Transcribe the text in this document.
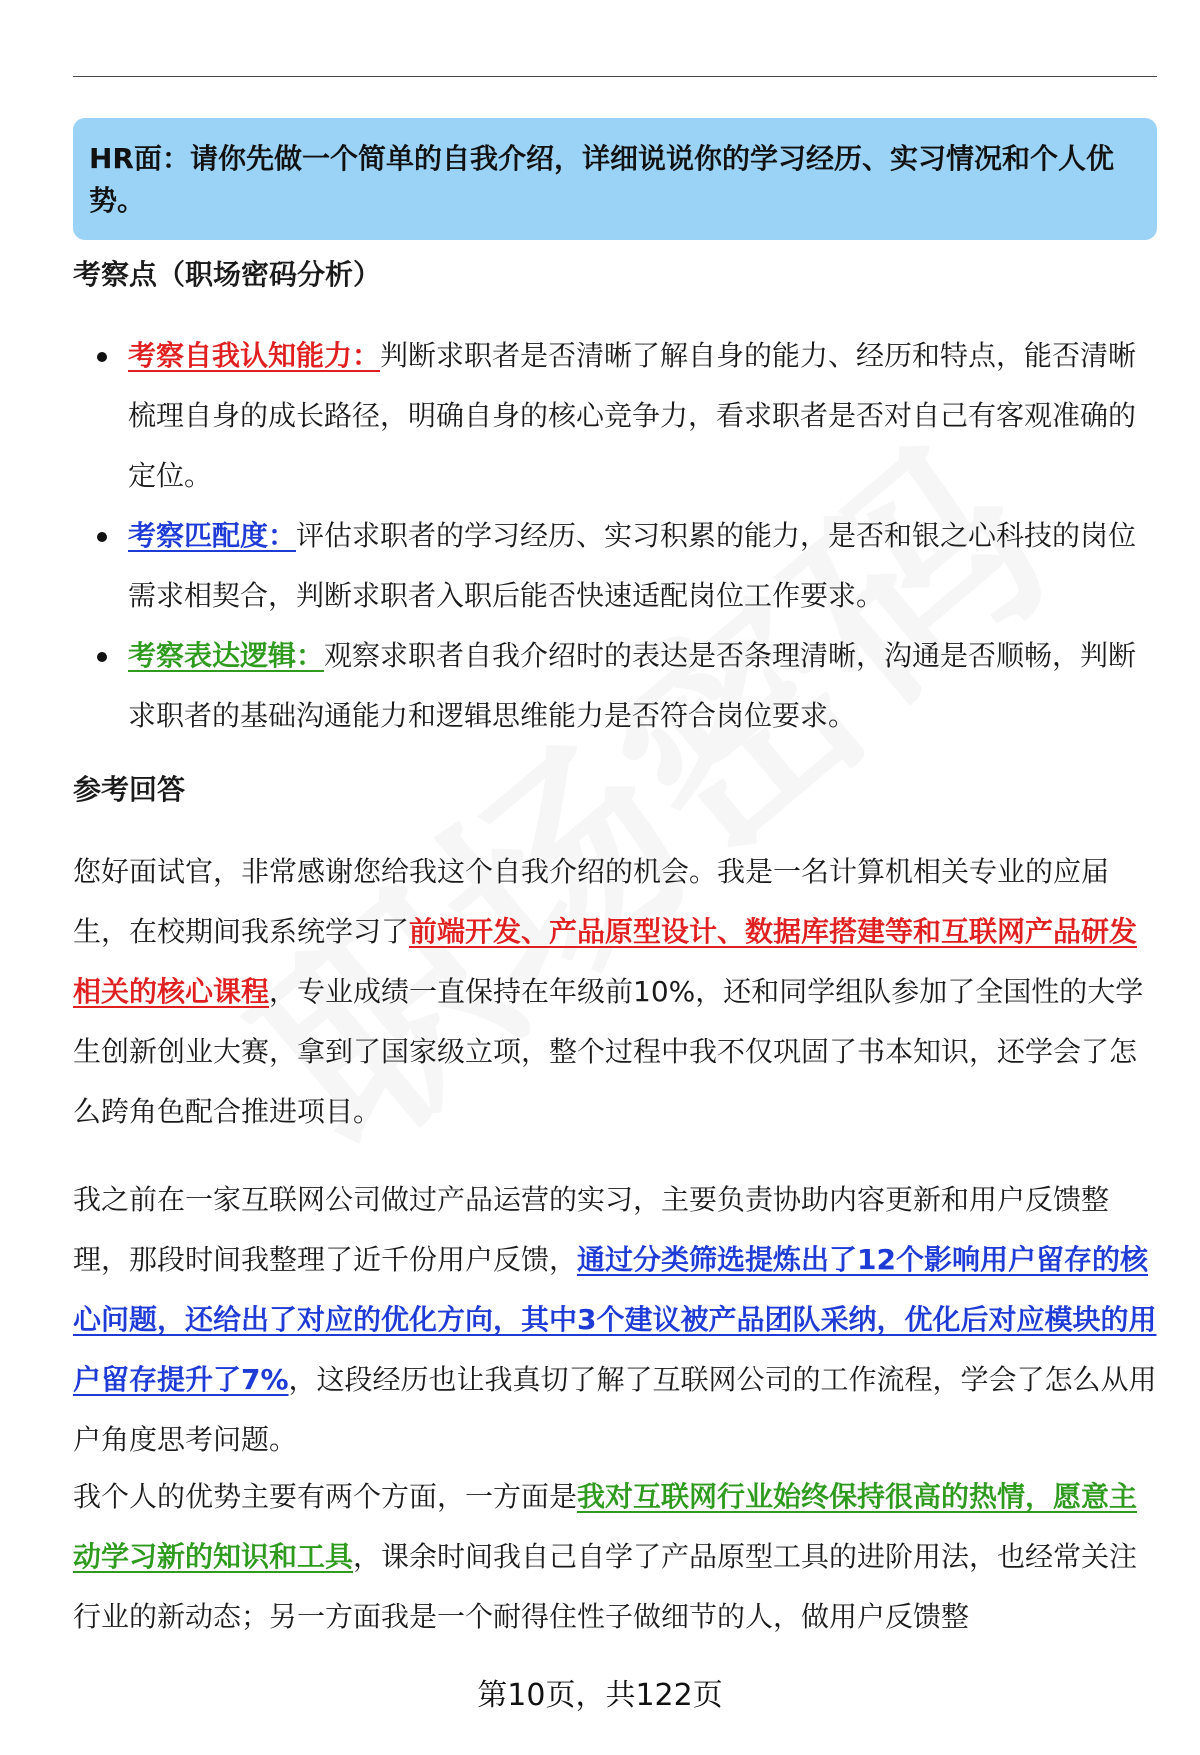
HR面：请你先做一个简单的自我介绍，详细说说你的学习经历、实习情况和个人优势。
考察点（职场密码分析）
考察自我认知能力：判断求职者是否清晰了解自身的能力、经历和特点，能否清晰梳理自身的成长路径，明确自身的核心竞争力，看求职者是否对自己有客观准确的定位。
考察匹配度：评估求职者的学习经历、实习积累的能力，是否和银之心科技的岗位需求相契合，判断求职者入职后能否快速适配岗位工作要求。
考察表达逻辑：观察求职者自我介绍时的表达是否条理清晰，沟通是否顺畅，判断求职者的基础沟通能力和逻辑思维能力是否符合岗位要求。
参考回答

您好面试官，非常感谢您给我这个自我介绍的机会。我是一名计算机相关专业的应届生，在校期间我系统学习了前端开发、产品原型设计、数据库搭建等和互联网产品研发相关的核心课程，专业成绩一直保持在年级前10%，还和同学组队参加了全国性的大学生创新创业大赛，拿到了国家级立项，整个过程中我不仅巩固了书本知识，还学会了怎么跨角色配合推进项目。

我之前在一家互联网公司做过产品运营的实习，主要负责协助内容更新和用户反馈整理，那段时间我整理了近千份用户反馈，通过分类筛选提炼出了12个影响用户留存的核心问题，还给出了对应的优化方向，其中3个建议被产品团队采纳，优化后对应模块的用户留存提升了7%，这段经历也让我真切了解了互联网公司的工作流程，学会了怎么从用户角度思考问题。

我个人的优势主要有两个方面，一方面是我对互联网行业始终保持很高的热情，愿意主动学习新的知识和工具，课余时间我自己自学了产品原型工具的进阶用法，也经常关注行业的新动态；另一方面我是一个耐得住性子做细节的人，做用户反馈整

第10页，共122页
